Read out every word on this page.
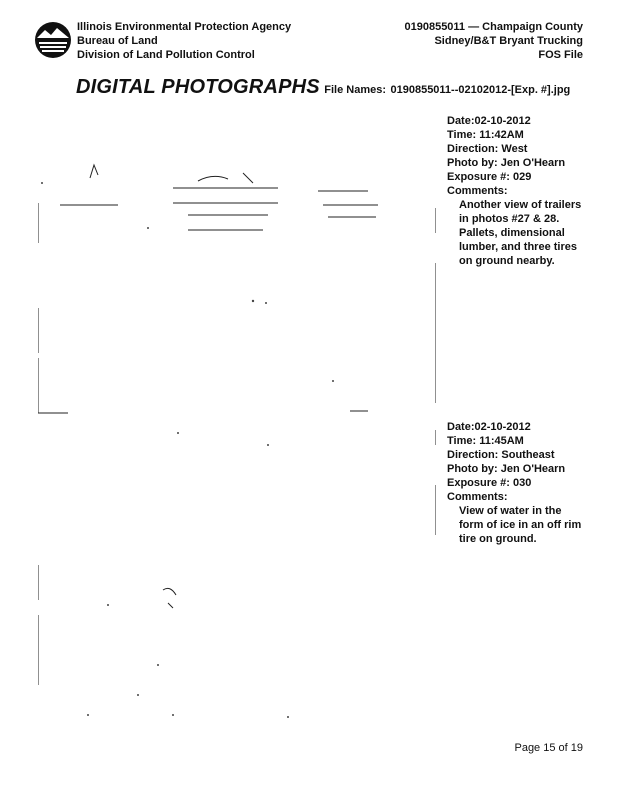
Illinois Environmental Protection Agency
Bureau of Land
Division of Land Pollution Control
0190855011 — Champaign County
Sidney/B&T Bryant Trucking
FOS File
DIGITAL PHOTOGRAPHS File Names: 0190855011--02102012-[Exp. #].jpg
Date:02-10-2012
Time: 11:42AM
Direction: West
Photo by: Jen O'Hearn
Exposure #: 029
Comments:
Another view of trailers in photos #27 & 28. Pallets, dimensional lumber, and three tires on ground nearby.
Date:02-10-2012
Time: 11:45AM
Direction: Southeast
Photo by: Jen O'Hearn
Exposure #: 030
Comments:
View of water in the form of ice in an off rim tire on ground.
Page 15 of 19
